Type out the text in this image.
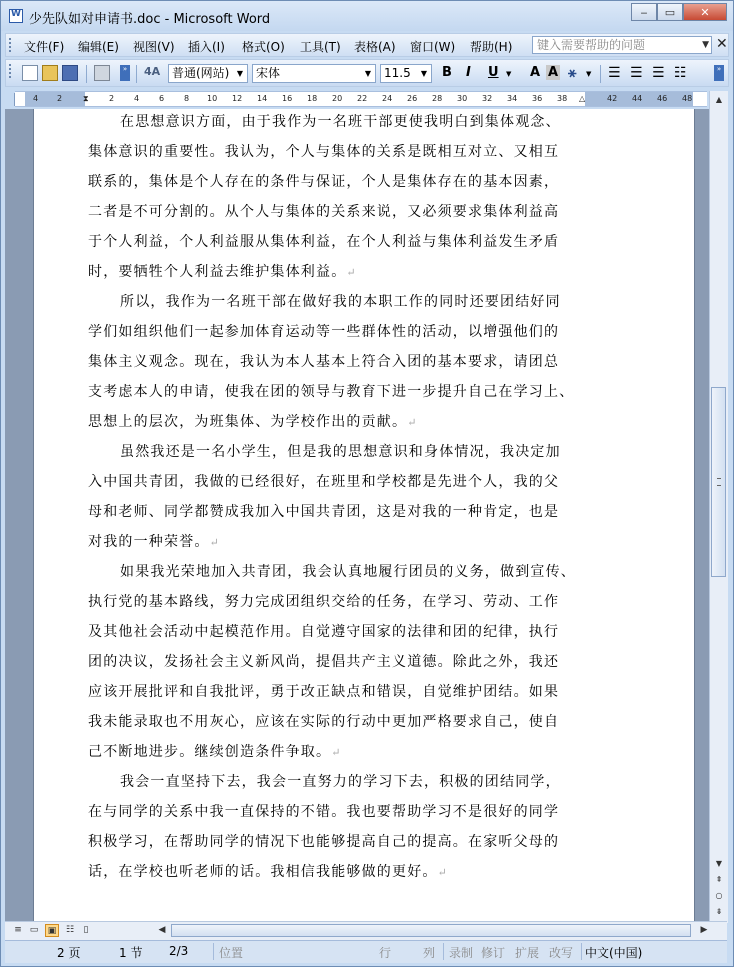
W
少先队如对申请书.doc - Microsoft Word	‒	▭	✕
文件(F) 编辑(E) 视图(V) 插入(I) 格式(O) 工具(T) 表格(A) 窗口(W) 帮助(H)	键入需要帮助的问题	▼ ✕
» 4A 普通(网站) ▼	宋体	▼	11.5	▼	B I U ▼ A A ⚹ ▼ ☰ ☰ ☰ ☷	»
4 2	⧗	2 4 6 8 10 12 14 16 18 20 22 24 26 28 30 32 34 36 38 △	42 44 46 48
在思想意识方面，由于我作为一名班干部更使我明白到集体观念、
集体意识的重要性。我认为，个人与集体的关系是既相互对立、又相互
联系的，集体是个人存在的条件与保证，个人是集体存在的基本因素，
二者是不可分割的。从个人与集体的关系来说，又必须要求集体利益高
于个人利益，个人利益服从集体利益，在个人利益与集体利益发生矛盾
时，要牺牲个人利益去维护集体利益。↵
所以，我作为一名班干部在做好我的本职工作的同时还要团结好同
学们如组织他们一起参加体育运动等一些群体性的活动，以增强他们的
集体主义观念。现在，我认为本人基本上符合入团的基本要求，请团总
支考虑本人的申请，使我在团的领导与教育下进一步提升自己在学习上、
思想上的层次，为班集体、为学校作出的贡献。↵
虽然我还是一名小学生，但是我的思想意识和身体情况，我决定加
入中国共青团，我做的已经很好，在班里和学校都是先进个人，我的父
母和老师、同学都赞成我加入中国共青团，这是对我的一种肯定，也是
对我的一种荣誉。↵
如果我光荣地加入共青团，我会认真地履行团员的义务，做到宣传、
执行党的基本路线，努力完成团组织交给的任务，在学习、劳动、工作
及其他社会活动中起模范作用。自觉遵守国家的法律和团的纪律，执行
团的决议，发扬社会主义新风尚，提倡共产主义道德。除此之外，我还
应该开展批评和自我批评，勇于改正缺点和错误，自觉维护团结。如果
我未能录取也不用灰心，应该在实际的行动中更加严格要求自己，使自
己不断地进步。继续创造条件争取。↵
我会一直坚持下去，我会一直努力的学习下去，积极的团结同学，
在与同学的关系中我一直保持的不错。我也要帮助学习不是很好的同学
积极学习，在帮助同学的情况下也能够提高自己的提高。在家听父母的
话，在学校也听老师的话。我相信我能够做的更好。↵
▲
▼
⇞
○
⇟
≡ ▭	▣	☷	▯	◀	▶
2 页	1 节 2/3	位置	行	列 录制 修订 扩展 改写 中文(中国)
